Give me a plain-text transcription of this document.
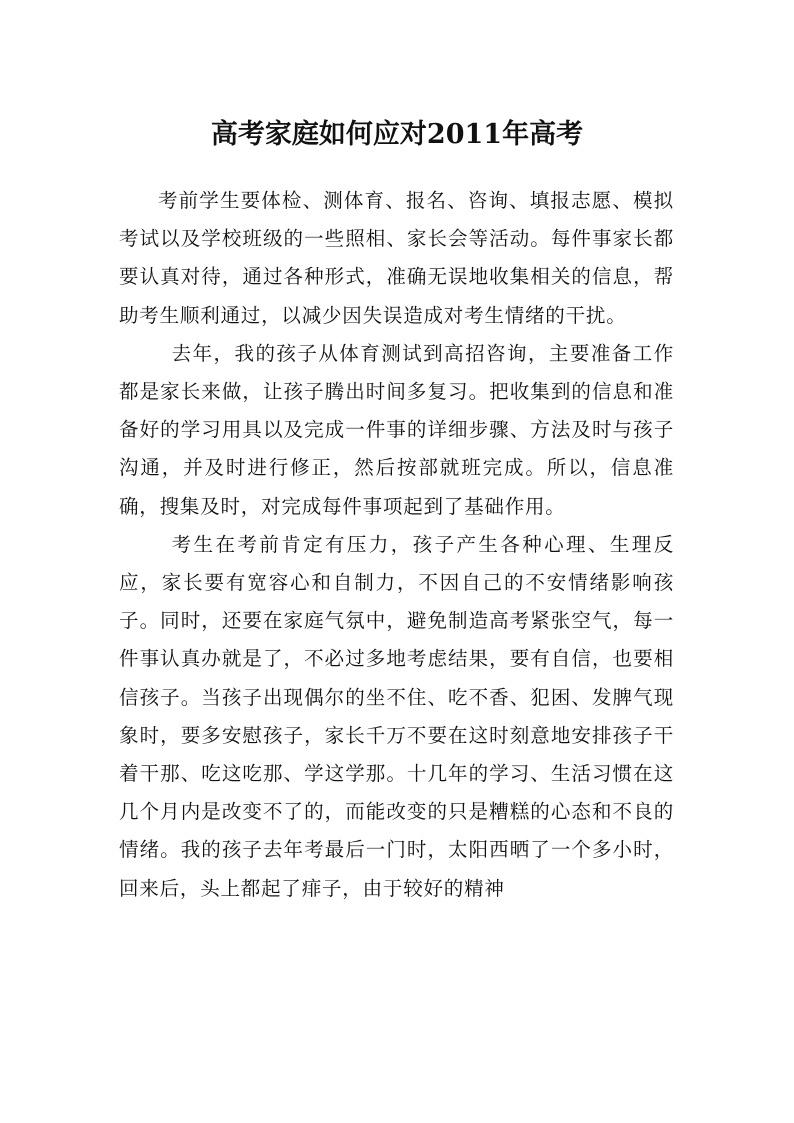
高考家庭如何应对2011年高考

考前学生要体检、测体育、报名、咨询、填报志愿、模拟考试以及学校班级的一些照相、家长会等活动。每件事家长都要认真对待，通过各种形式，准确无误地收集相关的信息，帮助考生顺利通过，以减少因失误造成对考生情绪的干扰。

去年，我的孩子从体育测试到高招咨询，主要准备工作都是家长来做，让孩子腾出时间多复习。把收集到的信息和准备好的学习用具以及完成一件事的详细步骤、方法及时与孩子沟通，并及时进行修正，然后按部就班完成。所以，信息准确，搜集及时，对完成每件事项起到了基础作用。

考生在考前肯定有压力，孩子产生各种心理、生理反应，家长要有宽容心和自制力，不因自己的不安情绪影响孩子。同时，还要在家庭气氛中，避免制造高考紧张空气，每一件事认真办就是了，不必过多地考虑结果，要有自信，也要相信孩子。当孩子出现偶尔的坐不住、吃不香、犯困、发脾气现象时，要多安慰孩子，家长千万不要在这时刻意地安排孩子干着干那、吃这吃那、学这学那。十几年的学习、生活习惯在这几个月内是改变不了的，而能改变的只是糟糕的心态和不良的情绪。我的孩子去年考最后一门时，太阳西晒了一个多小时，回来后，头上都起了痱子，由于较好的精神
